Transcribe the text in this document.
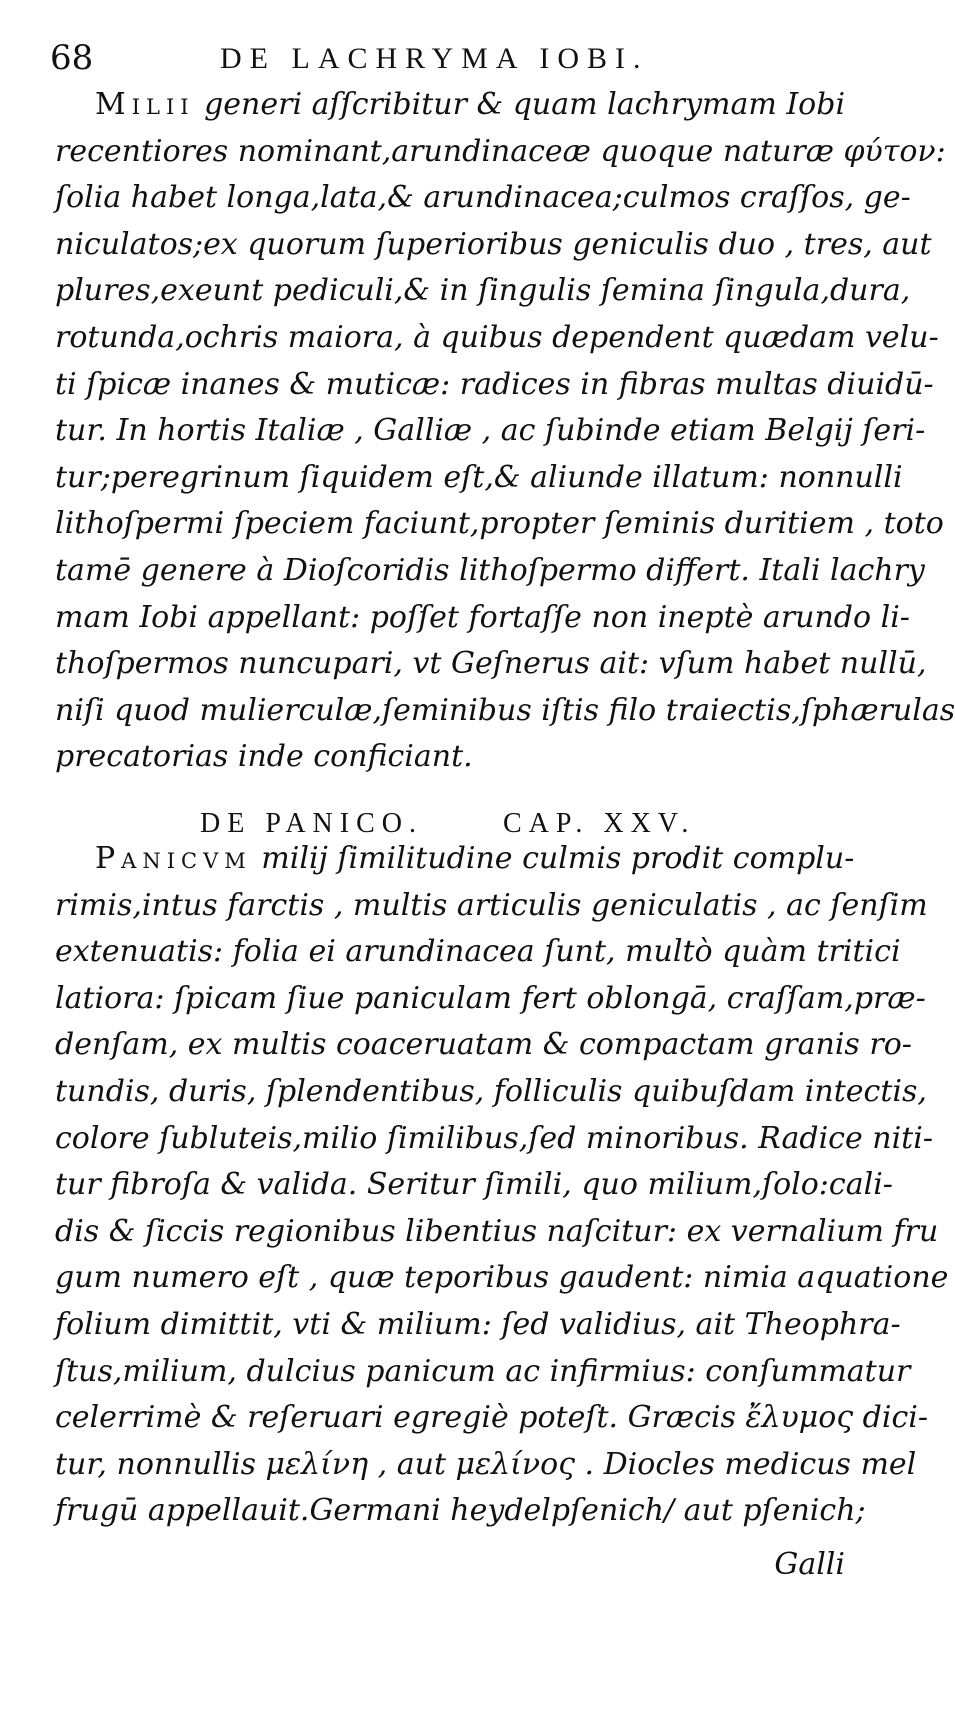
68	DE LACHRYMA IOBI.
Milii generi aſſcribitur & quam lachrymam Iobi
recentiores nominant,arundinaceæ quoque naturæ φύτον:
ſolia habet longa,lata,& arundinacea;culmos craſſos, ge-
niculatos;ex quorum ſuperioribus geniculis duo , tres, aut
plures,exeunt pediculi,& in ſingulis ſemina ſingula,dura,
rotunda,ochris maiora, à quibus dependent quædam velu-
ti ſpicæ inanes & muticæ: radices in fibras multas diuidū-
tur. In hortis Italiæ , Galliæ , ac ſubinde etiam Belgij ſeri-
tur;peregrinum ſiquidem eſt,& aliunde illatum: nonnulli
lithoſpermi ſpeciem faciunt,propter ſeminis duritiem , toto
tamē genere à Dioſcoridis lithoſpermo differt. Itali lachry
mam Iobi appellant: poſſet fortaſſe non ineptè arundo li-
thoſpermos nuncupari, vt Geſnerus ait: vſum habet nullū,
niſi quod mulierculæ,ſeminibus iſtis filo traiectis,ſphærulas
precatorias inde conficiant.
DE PANICO.	CAP. XXV.
Panicvm milij ſimilitudine culmis prodit complu-
rimis,intus farctis , multis articulis geniculatis , ac ſenſim
extenuatis: folia ei arundinacea ſunt, multò quàm tritici
latiora: ſpicam ſiue paniculam fert oblongā, craſſam,præ-
denſam, ex multis coaceruatam & compactam granis ro-
tundis, duris, ſplendentibus, folliculis quibuſdam intectis,
colore ſubluteis,milio ſimilibus,ſed minoribus. Radice niti-
tur fibroſa & valida. Seritur ſimili, quo milium,ſolo:cali-
dis & ſiccis regionibus libentius naſcitur: ex vernalium fru
gum numero eſt , quæ teporibus gaudent: nimia aquatione
folium dimittit, vti & milium: ſed validius, ait Theophra-
ſtus,milium, dulcius panicum ac infirmius: conſummatur
celerrimè & reſeruari egregiè poteſt. Græcis ἔλυμος dici-
tur, nonnullis μελίνη , aut μελίνος . Diocles medicus mel
frugū appellauit.Germani heydelpſenich/ aut pſenich;
Galli
